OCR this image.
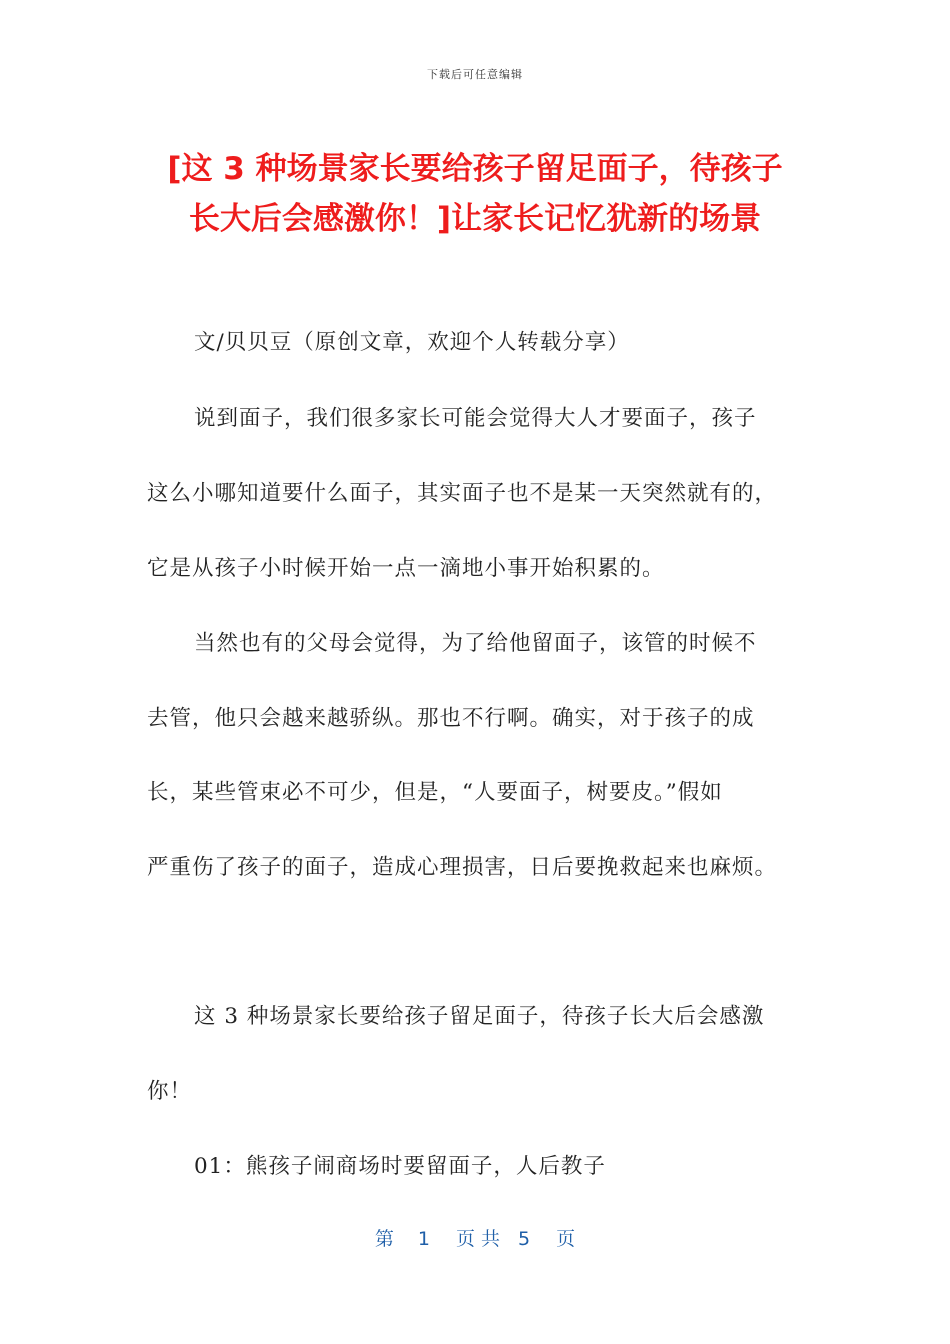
下载后可任意编辑
[这 3 种场景家长要给孩子留足面子，待孩子
长大后会感激你！]让家长记忆犹新的场景
文/贝贝豆（原创文章，欢迎个人转载分享）
说到面子，我们很多家长可能会觉得大人才要面子，孩子
这么小哪知道要什么面子，其实面子也不是某一天突然就有的，
它是从孩子小时候开始一点一滴地小事开始积累的。
当然也有的父母会觉得，为了给他留面子，该管的时候不
去管，他只会越来越骄纵。那也不行啊。确实，对于孩子的成
长，某些管束必不可少，但是，“人要面子，树要皮。”假如
严重伤了孩子的面子，造成心理损害，日后要挽救起来也麻烦。
这 3 种场景家长要给孩子留足面子，待孩子长大后会感激
你！
01：熊孩子闹商场时要留面子，人后教子
第 1 页 共 5 页
